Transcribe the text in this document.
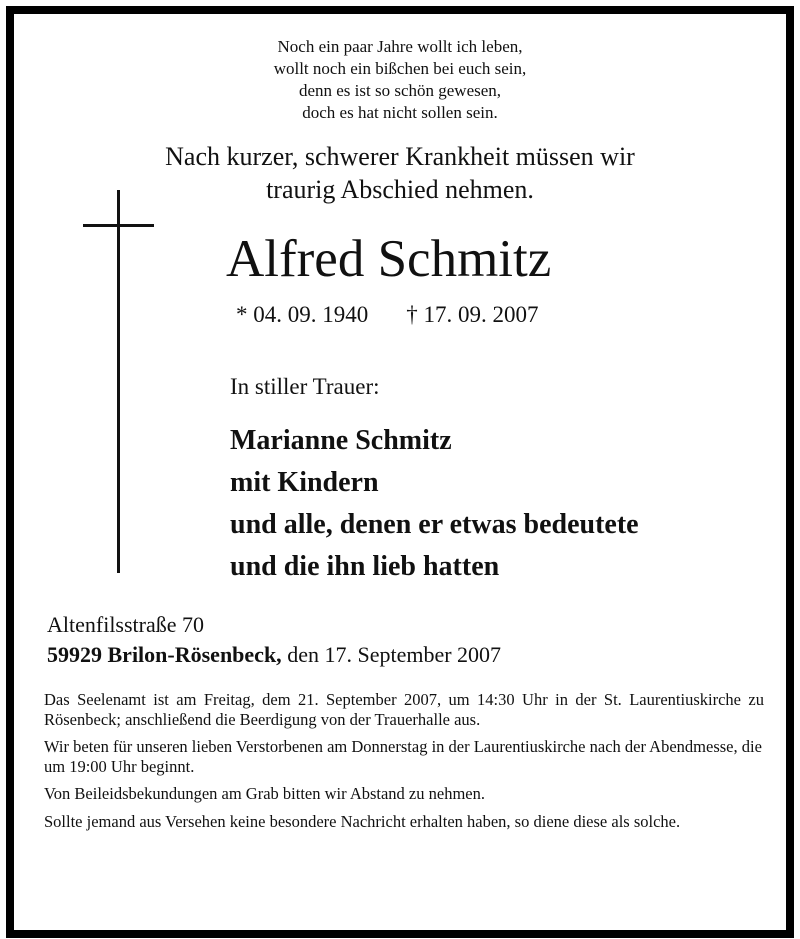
Noch ein paar Jahre wollt ich leben,
wollt noch ein bißchen bei euch sein,
denn es ist so schön gewesen,
doch es hat nicht sollen sein.
Nach kurzer, schwerer Krankheit müssen wir
traurig Abschied nehmen.
Alfred Schmitz
* 04. 09. 1940 † 17. 09. 2007
In stiller Trauer:
Marianne Schmitz
mit Kindern
und alle, denen er etwas bedeutete
und die ihn lieb hatten
Altenfilsstraße 70
59929 Brilon-Rösenbeck, den 17. September 2007

Das Seelenamt ist am Freitag, dem 21. September 2007, um 14:30 Uhr in der St. Laurentiuskirche zu Rösenbeck; anschließend die Beerdigung von der Trauerhalle aus.

Wir beten für unseren lieben Verstorbenen am Donnerstag in der Laurentiuskirche nach der Abendmesse, die um 19:00 Uhr beginnt.

Von Beileidsbekundungen am Grab bitten wir Abstand zu nehmen.

Sollte jemand aus Versehen keine besondere Nachricht erhalten haben, so diene diese als solche.
